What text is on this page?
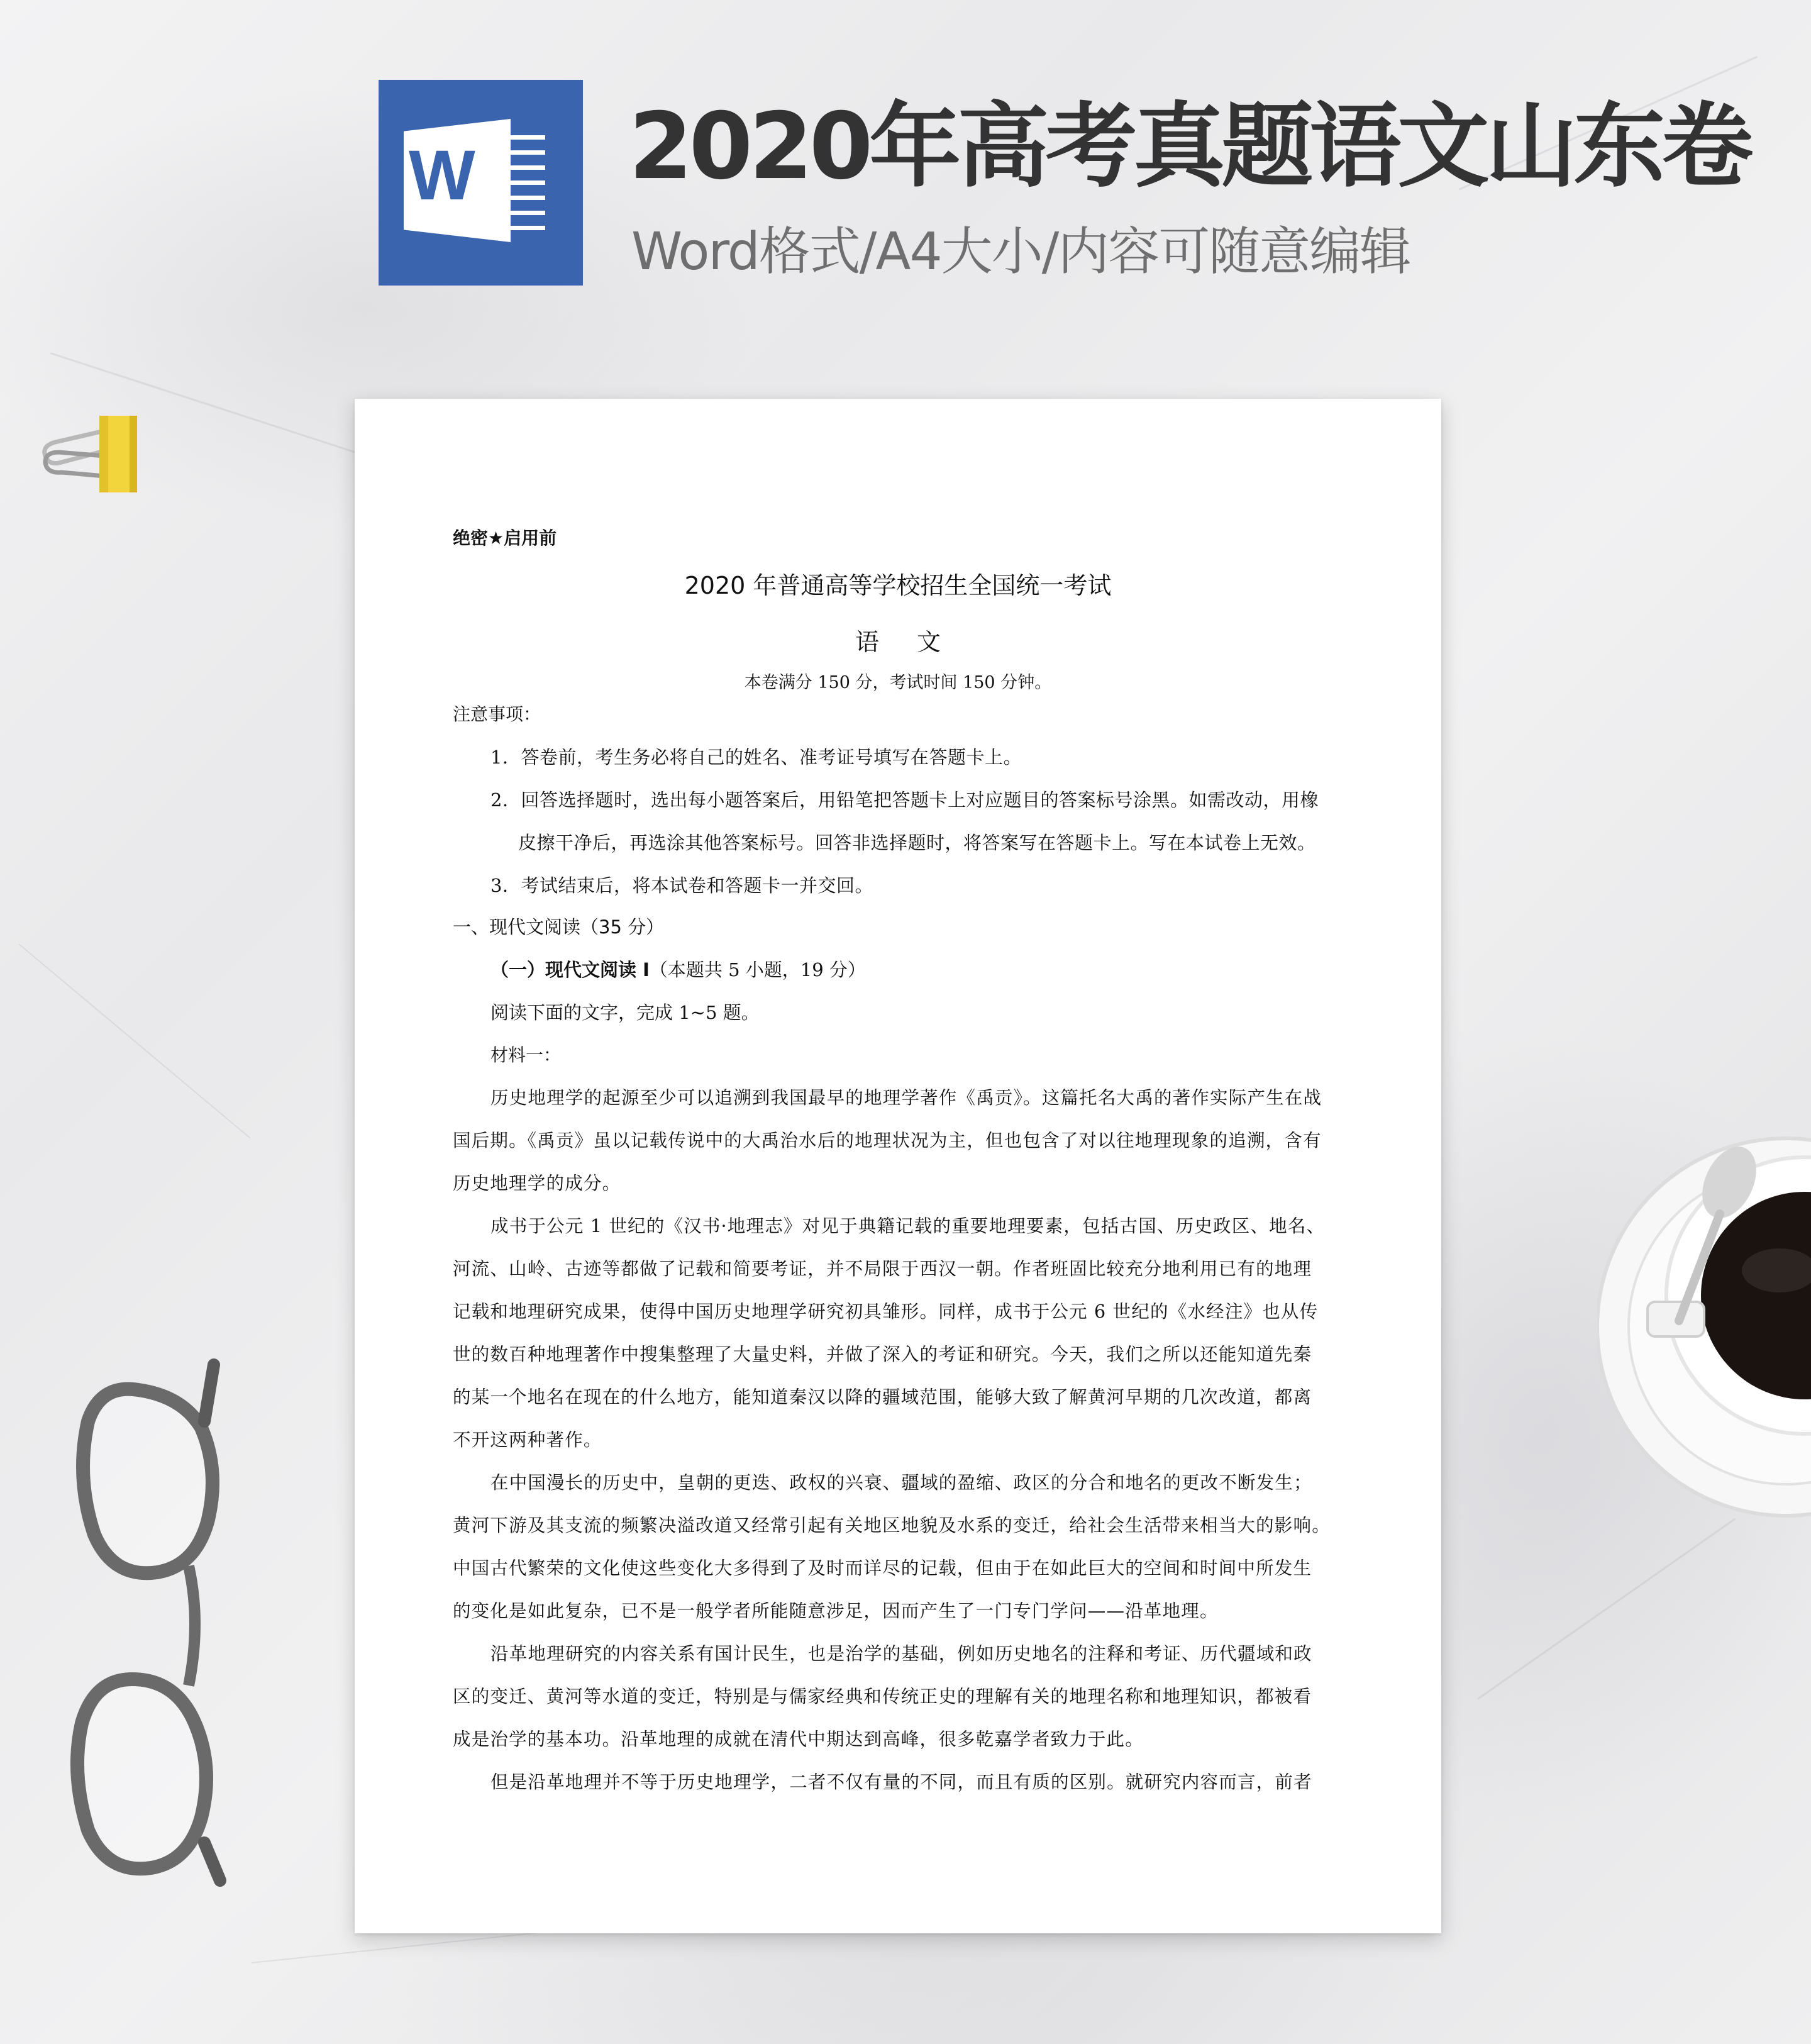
W 2020年高考真题语文山东卷
Word格式/A4大小/内容可随意编辑
绝密★启用前
2020 年普通高等学校招生全国统一考试
语文
本卷满分 150 分，考试时间 150 分钟。
注意事项：
1．答卷前，考生务必将自己的姓名、准考证号填写在答题卡上。
2．回答选择题时，选出每小题答案后，用铅笔把答题卡上对应题目的答案标号涂黑。如需改动，用橡
皮擦干净后，再选涂其他答案标号。回答非选择题时，将答案写在答题卡上。写在本试卷上无效。
3．考试结束后，将本试卷和答题卡一并交回。
一、现代文阅读（35 分）
（一）现代文阅读 I（本题共 5 小题，19 分）
阅读下面的文字，完成 1~5 题。
材料一：
历史地理学的起源至少可以追溯到我国最早的地理学著作《禹贡》。这篇托名大禹的著作实际产生在战
国后期。《禹贡》虽以记载传说中的大禹治水后的地理状况为主，但也包含了对以往地理现象的追溯，含有
历史地理学的成分。
成书于公元 1 世纪的《汉书·地理志》对见于典籍记载的重要地理要素，包括古国、历史政区、地名、
河流、山岭、古迹等都做了记载和简要考证，并不局限于西汉一朝。作者班固比较充分地利用已有的地理
记载和地理研究成果，使得中国历史地理学研究初具雏形。同样，成书于公元 6 世纪的《水经注》也从传
世的数百种地理著作中搜集整理了大量史料，并做了深入的考证和研究。今天，我们之所以还能知道先秦
的某一个地名在现在的什么地方，能知道秦汉以降的疆域范围，能够大致了解黄河早期的几次改道，都离
不开这两种著作。
在中国漫长的历史中，皇朝的更迭、政权的兴衰、疆域的盈缩、政区的分合和地名的更改不断发生；
黄河下游及其支流的频繁决溢改道又经常引起有关地区地貌及水系的变迁，给社会生活带来相当大的影响。
中国古代繁荣的文化使这些变化大多得到了及时而详尽的记载，但由于在如此巨大的空间和时间中所发生
的变化是如此复杂，已不是一般学者所能随意涉足，因而产生了一门专门学问——沿革地理。
沿革地理研究的内容关系有国计民生，也是治学的基础，例如历史地名的注释和考证、历代疆域和政
区的变迁、黄河等水道的变迁，特别是与儒家经典和传统正史的理解有关的地理名称和地理知识，都被看
成是治学的基本功。沿革地理的成就在清代中期达到高峰，很多乾嘉学者致力于此。
但是沿革地理并不等于历史地理学，二者不仅有量的不同，而且有质的区别。就研究内容而言，前者
